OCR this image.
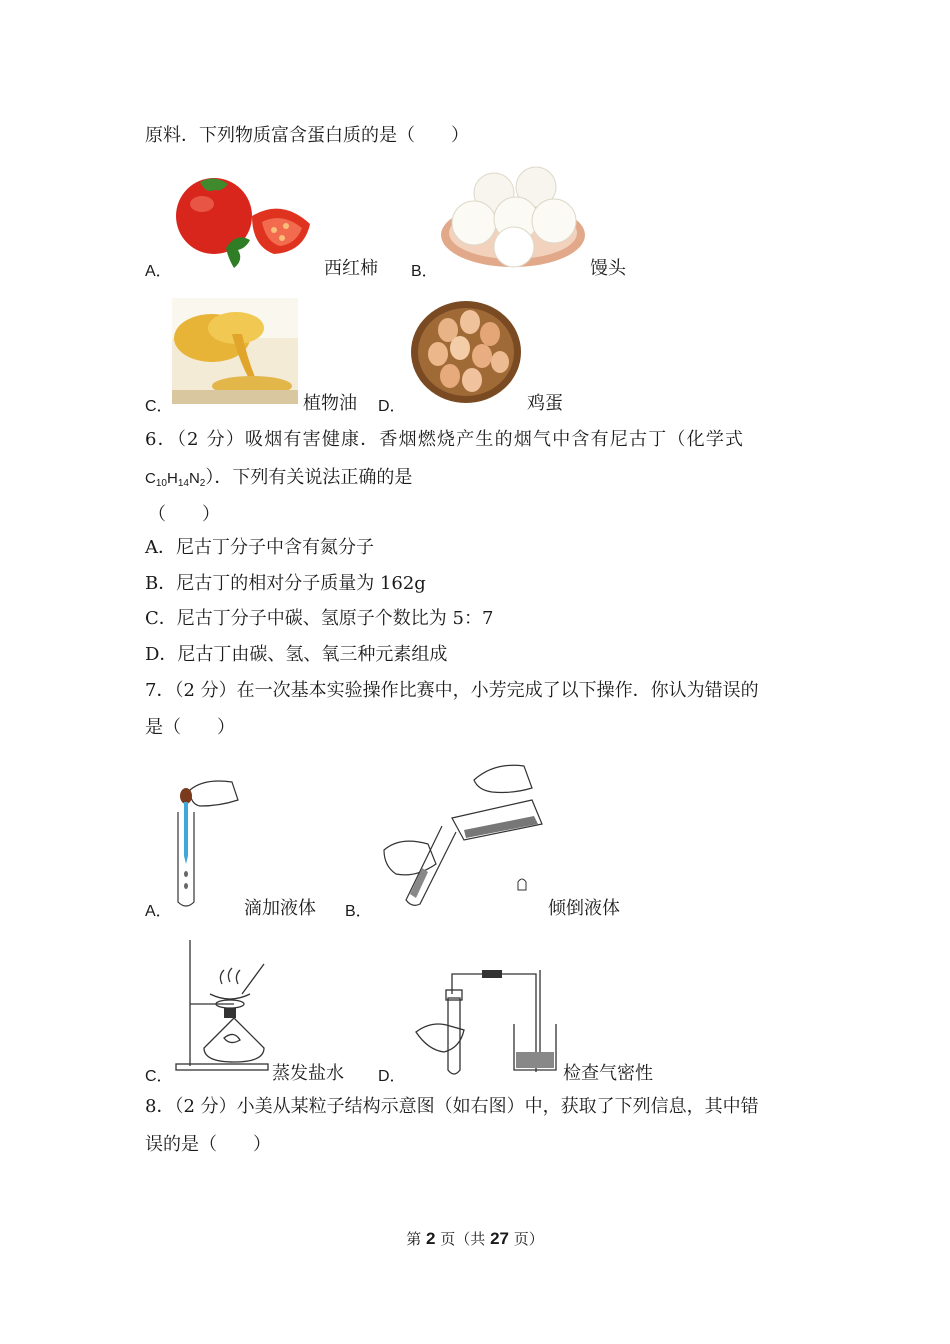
原料．下列物质富含蛋白质的是（　　）
A．	西红柿 B．	馒头
C．	植物油 D．	鸡蛋
6．（2 分）吸烟有害健康．香烟燃烧产生的烟气中含有尼古丁（化学式
$C_{10}H_{14}N_2$）．下列有关说法正确的是
（　　）
A．尼古丁分子中含有氮分子
B．尼古丁的相对分子质量为 162g
C．尼古丁分子中碳、氢原子个数比为 5：7
D．尼古丁由碳、氢、氧三种元素组成
7．（2 分）在一次基本实验操作比赛中，小芳完成了以下操作．你认为错误的
是（　　）
A．	滴加液体 B．	倾倒液体
C．	蒸发盐水 D．	检查气密性
8．（2 分）小美从某粒子结构示意图（如右图）中，获取了下列信息，其中错
误的是（　　）
第 2 页（共 27 页）
